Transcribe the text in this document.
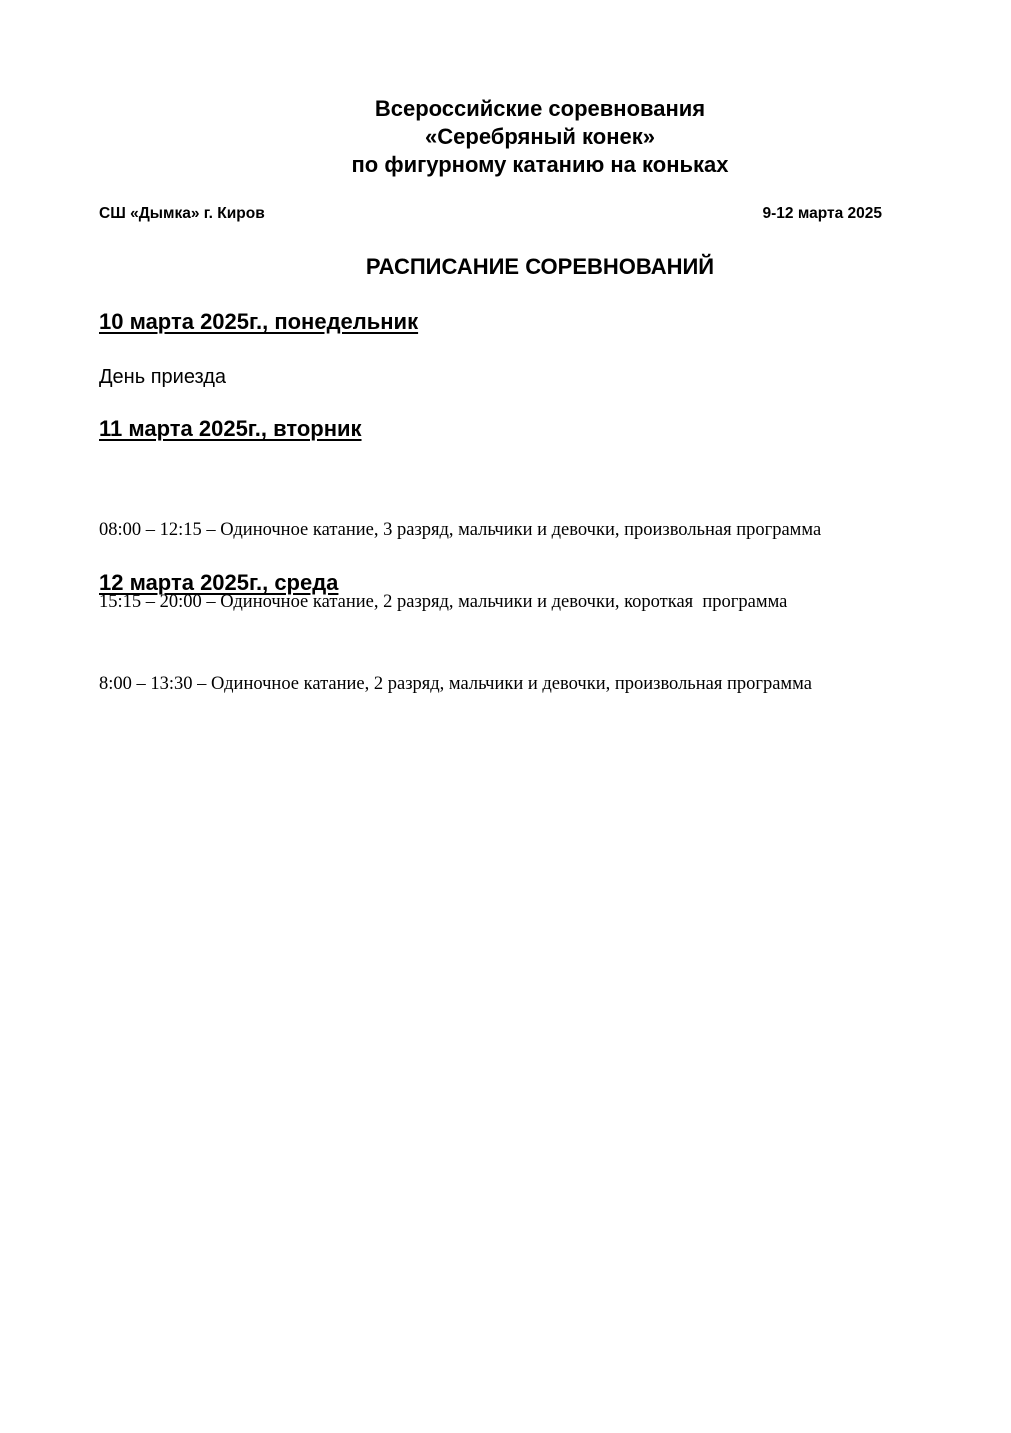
Всероссийские соревнования
«Серебряный конек»
по фигурному катанию на коньках
СШ «Дымка» г. Киров	9-12 марта 2025
РАСПИСАНИЕ СОРЕВНОВАНИЙ
10 марта 2025г., понедельник
День приезда
11 марта 2025г., вторник

08:00 – 12:15 – Одиночное катание, 3 разряд, мальчики и девочки, произвольная программа

15:15 – 20:00 – Одиночное катание, 2 разряд, мальчики и девочки, короткая  программа

12 марта 2025г., среда

8:00 – 13:30 – Одиночное катание, 2 разряд, мальчики и девочки, произвольная программа
